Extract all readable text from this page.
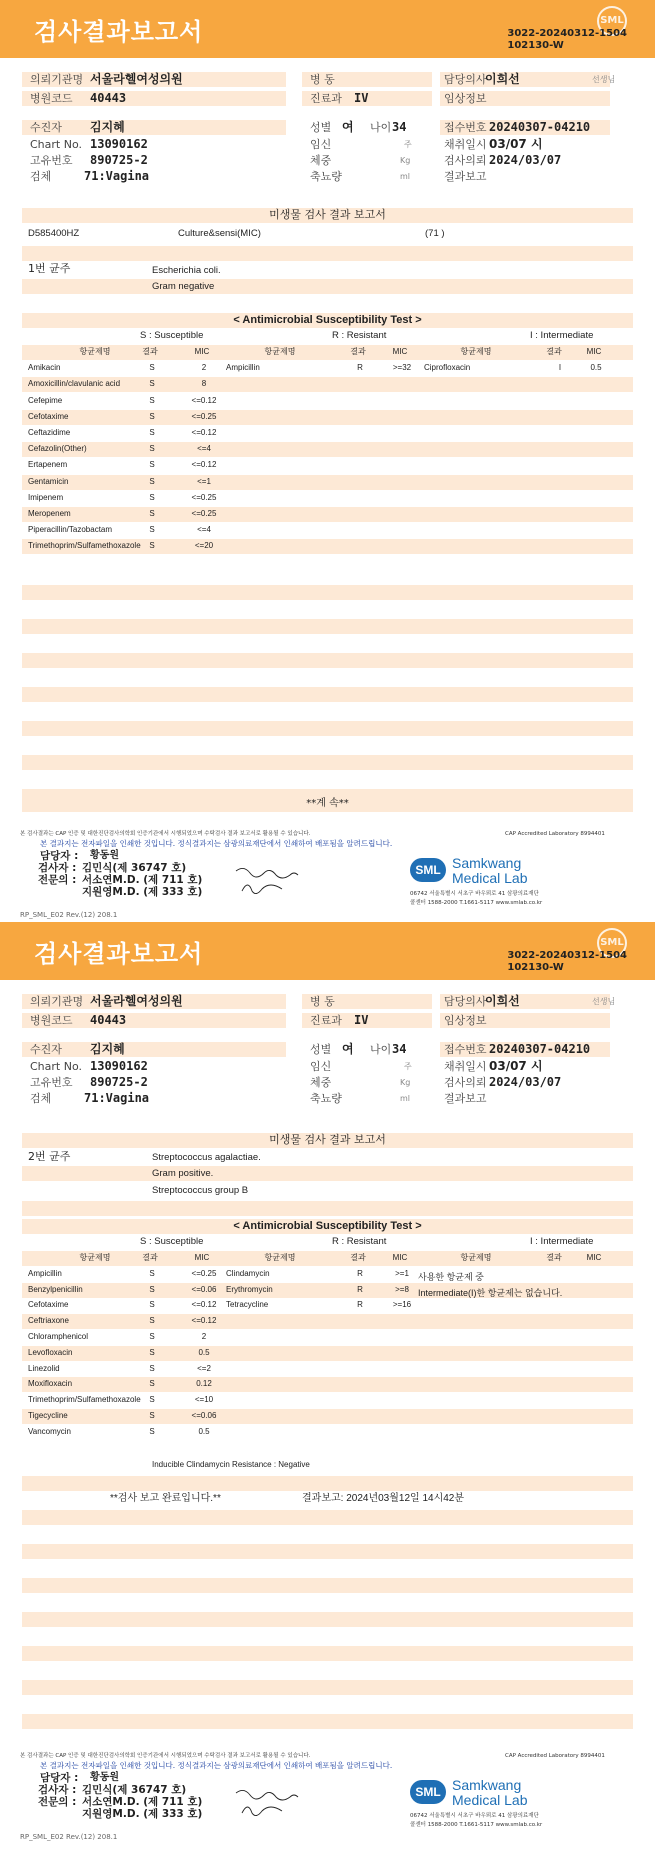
검사결과보고서	SML
3022-20240312-1504
102130-W
의뢰기관명 서울라헬여성의원
병원코드 40443
병 동
진료과 IV
담당의사
이희선	선생님
임상정보
수진자 김지혜
Chart No. 13090162
고유번호 890725-2
검체	71:Vagina
성별 여 나이 34
임신	주
체중	Kg
축뇨량	ml
접수번호 20240307-04210
채취일시 03/07 시
검사의뢰 2024/03/07
결과보고
미생물 검사 결과 보고서
D585400HZ	Culture&sensi(MIC)	(71 )
1번 균주	Escherichia coli.
Gram negative
< Antimicrobial Susceptibility Test >
S : Susceptible	R : Resistant	I : Intermediate
항균제명	결과	MIC	항균제명	결과	MIC	항균제명	결과	MIC
Amikacin	S	2	Ampicillin	R	>=32	Ciprofloxacin	I	0.5
Amoxicillin/clavulanic acid	S	8
Cefepime	S	<=0.12
Cefotaxime	S	<=0.25
Ceftazidime	S	<=0.12
Cefazolin(Other)	S	<=4
Ertapenem	S	<=0.12
Gentamicin	S	<=1
Imipenem	S	<=0.25
Meropenem	S	<=0.25
Piperacillin/Tazobactam	S	<=4
Trimethoprim/Sulfamethoxazole	S	<=20
**계 속**
본 검사결과는 CAP 인증 및 대한진단검사의학회 인증기관에서 시행되었으며 수탁검사 결과 보고서로 활용될 수 있습니다.	CAP Accredited Laboratory 8994401
본 결과지는 전자파일을 인쇄한 것입니다. 정식결과지는 삼광의료재단에서 인쇄하여 배포됨을 알려드립니다.
담당자 : 황동원
검사자 : 김민식(제 36747 호)
전문의 : 서소연M.D. (제 711 호)
지원영M.D. (제 333 호)
SML Samkwang
Medical Lab
06742 서울특별시 서초구 바우뫼로 41 삼광의료재단
콜센터 1588-2000 T.1661-5117 www.smlab.co.kr
RP_SML_E02 Rev.(12) 208.1
검사결과보고서	SML
3022-20240312-1504
102130-W
의뢰기관명 서울라헬여성의원
병원코드 40443
병 동
진료과 IV
담당의사
이희선	선생님
임상정보
수진자 김지혜
Chart No. 13090162
고유번호 890725-2
검체	71:Vagina
성별 여 나이 34
임신	주
체중	Kg
축뇨량	ml
접수번호 20240307-04210
채취일시 03/07 시
검사의뢰 2024/03/07
결과보고
미생물 검사 결과 보고서
2번 균주	Streptococcus agalactiae.
Gram positive.
Streptococcus group B
< Antimicrobial Susceptibility Test >
S : Susceptible	R : Resistant	I : Intermediate
항균제명	결과	MIC	항균제명	결과	MIC	항균제명	결과	MIC
Ampicillin	S	<=0.25	Clindamycin	R	>=1
Benzylpenicillin	S	<=0.06	Erythromycin	R	>=8
Cefotaxime	S	<=0.12	Tetracycline	R	>=16
Ceftriaxone	S	<=0.12
Chloramphenicol	S	2
Levofloxacin	S	0.5
Linezolid	S	<=2
Moxifloxacin	S	0.12
Trimethoprim/Sulfamethoxazole	S	<=10
Tigecycline	S	<=0.06
Vancomycin	S	0.5
사용한 항균제 중
Intermediate(I)한 항균제는 없습니다.
Inducible Clindamycin Resistance : Negative
**검사 보고 완료입니다.**	결과보고: 2024년03월12일 14시42분
본 검사결과는 CAP 인증 및 대한진단검사의학회 인증기관에서 시행되었으며 수탁검사 결과 보고서로 활용될 수 있습니다.	CAP Accredited Laboratory 8994401
본 결과지는 전자파일을 인쇄한 것입니다. 정식결과지는 삼광의료재단에서 인쇄하여 배포됨을 알려드립니다.
담당자 : 황동원
검사자 : 김민식(제 36747 호)
전문의 : 서소연M.D. (제 711 호)
지원영M.D. (제 333 호)
SML Samkwang
Medical Lab
06742 서울특별시 서초구 바우뫼로 41 삼광의료재단
콜센터 1588-2000 T.1661-5117 www.smlab.co.kr
RP_SML_E02 Rev.(12) 208.1
